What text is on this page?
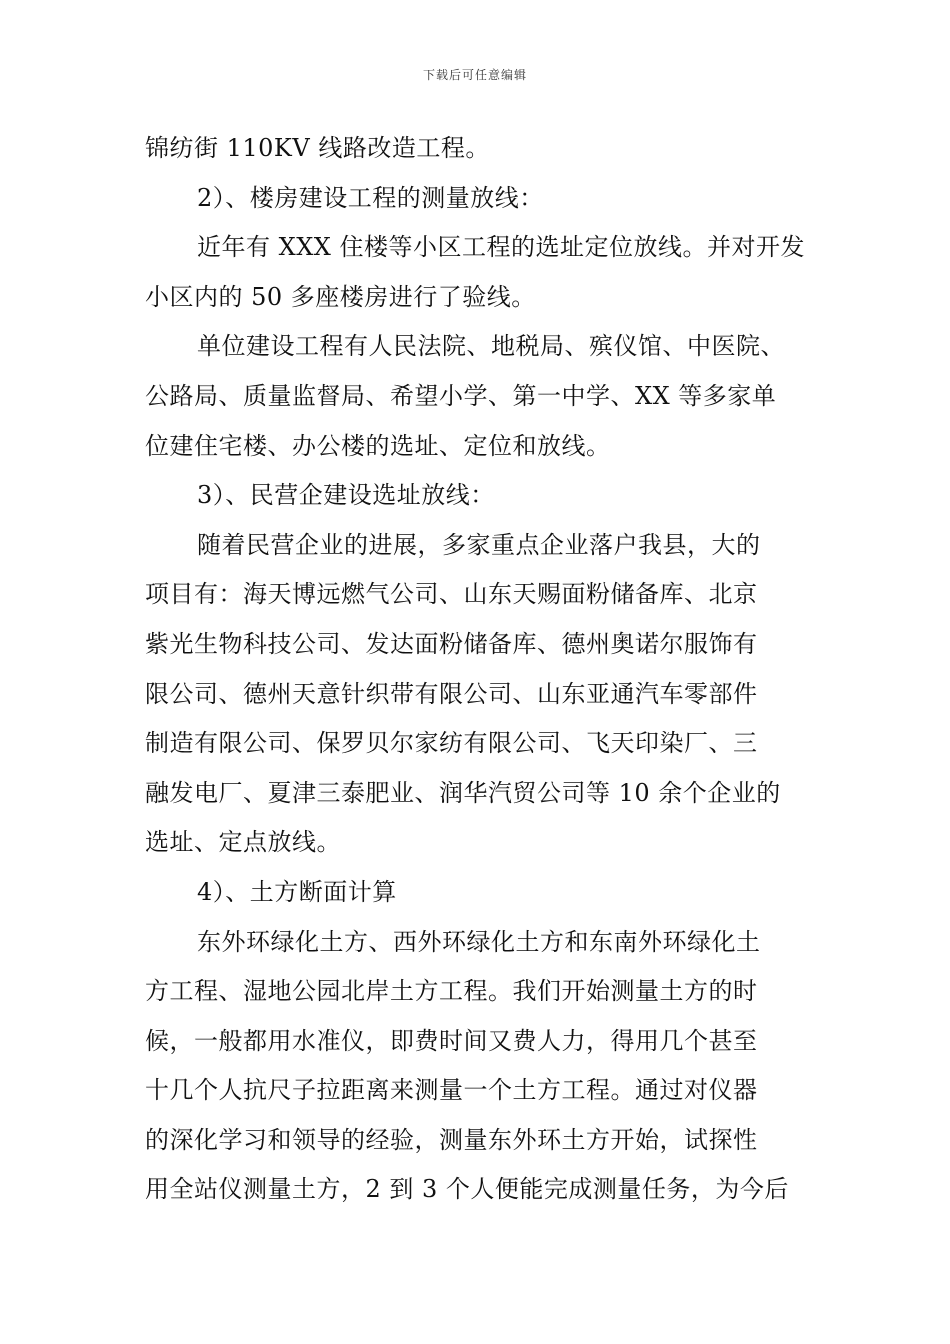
下载后可任意编辑
锦纺街 110KV 线路改造工程。
2）、楼房建设工程的测量放线：
近年有 XXX 住楼等小区工程的选址定位放线。并对开发
小区内的 50 多座楼房进行了验线。
单位建设工程有人民法院、地税局、殡仪馆、中医院、
公路局、质量监督局、希望小学、第一中学、XX 等多家单
位建住宅楼、办公楼的选址、定位和放线。
3）、民营企建设选址放线：
随着民营企业的进展，多家重点企业落户我县，大的
项目有：海天博远燃气公司、山东天赐面粉储备库、北京
紫光生物科技公司、发达面粉储备库、德州奥诺尔服饰有
限公司、德州天意针织带有限公司、山东亚通汽车零部件
制造有限公司、保罗贝尔家纺有限公司、飞天印染厂、三
融发电厂、夏津三泰肥业、润华汽贸公司等 10 余个企业的
选址、定点放线。
4）、土方断面计算
东外环绿化土方、西外环绿化土方和东南外环绿化土
方工程、湿地公园北岸土方工程。我们开始测量土方的时
候，一般都用水准仪，即费时间又费人力，得用几个甚至
十几个人抗尺子拉距离来测量一个土方工程。通过对仪器
的深化学习和领导的经验，测量东外环土方开始，试探性
用全站仪测量土方，2 到 3 个人便能完成测量任务，为今后
